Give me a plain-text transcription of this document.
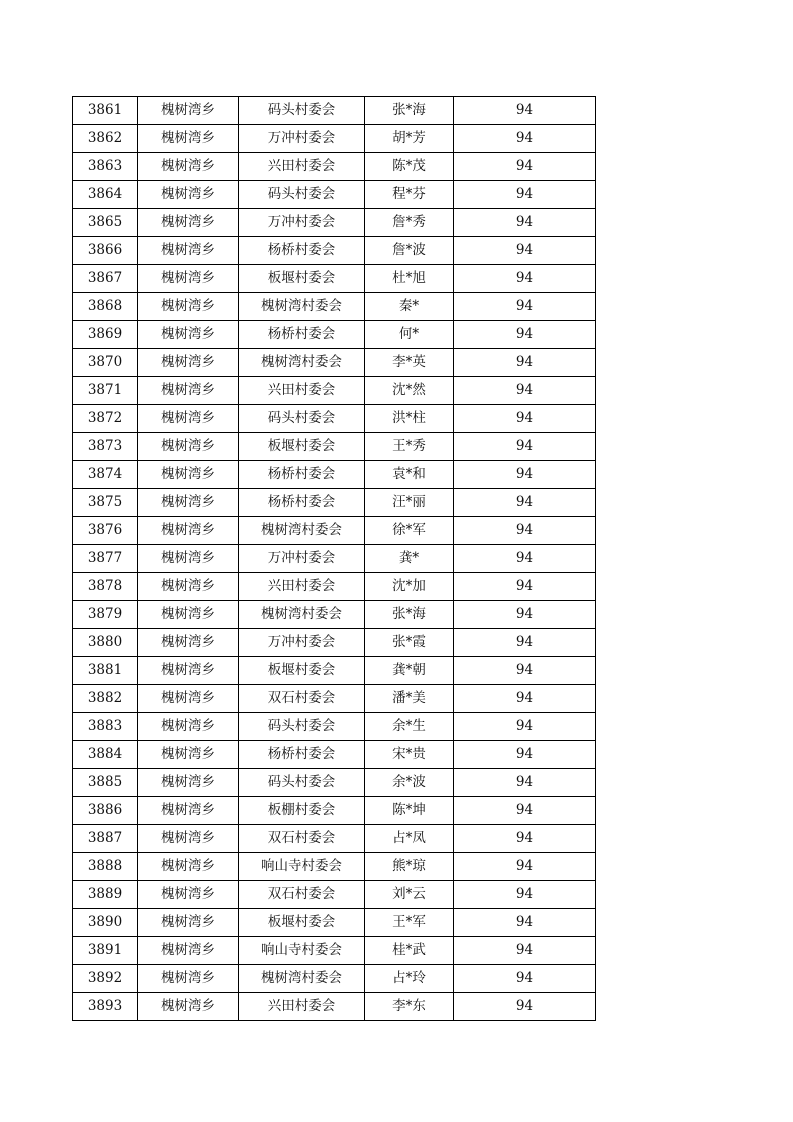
3861	槐树湾乡	码头村委会	张*海	94
3862	槐树湾乡	万冲村委会	胡*芳	94
3863	槐树湾乡	兴田村委会	陈*茂	94
3864	槐树湾乡	码头村委会	程*芬	94
3865	槐树湾乡	万冲村委会	詹*秀	94
3866	槐树湾乡	杨桥村委会	詹*波	94
3867	槐树湾乡	板堰村委会	杜*旭	94
3868	槐树湾乡	槐树湾村委会	秦*	94
3869	槐树湾乡	杨桥村委会	何*	94
3870	槐树湾乡	槐树湾村委会	李*英	94
3871	槐树湾乡	兴田村委会	沈*然	94
3872	槐树湾乡	码头村委会	洪*柱	94
3873	槐树湾乡	板堰村委会	王*秀	94
3874	槐树湾乡	杨桥村委会	袁*和	94
3875	槐树湾乡	杨桥村委会	汪*丽	94
3876	槐树湾乡	槐树湾村委会	徐*军	94
3877	槐树湾乡	万冲村委会	龚*	94
3878	槐树湾乡	兴田村委会	沈*加	94
3879	槐树湾乡	槐树湾村委会	张*海	94
3880	槐树湾乡	万冲村委会	张*霞	94
3881	槐树湾乡	板堰村委会	龚*朝	94
3882	槐树湾乡	双石村委会	潘*美	94
3883	槐树湾乡	码头村委会	余*生	94
3884	槐树湾乡	杨桥村委会	宋*贵	94
3885	槐树湾乡	码头村委会	余*波	94
3886	槐树湾乡	板棚村委会	陈*坤	94
3887	槐树湾乡	双石村委会	占*凤	94
3888	槐树湾乡	响山寺村委会	熊*琼	94
3889	槐树湾乡	双石村委会	刘*云	94
3890	槐树湾乡	板堰村委会	王*军	94
3891	槐树湾乡	响山寺村委会	桂*武	94
3892	槐树湾乡	槐树湾村委会	占*玲	94
3893	槐树湾乡	兴田村委会	李*东	94
